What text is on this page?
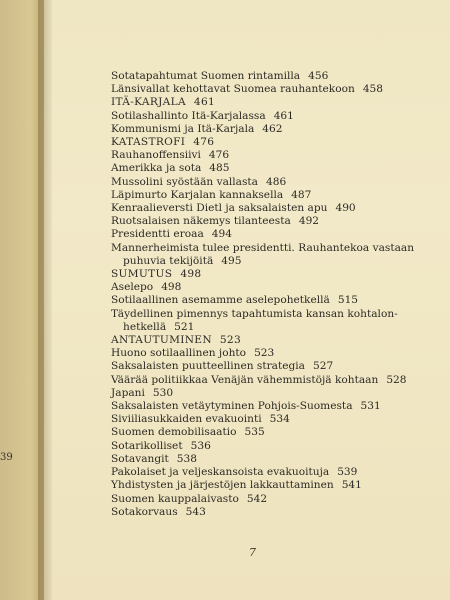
39
Sotatapahtumat Suomen rintamilla 456
Länsivallat kehottavat Suomea rauhantekoon 458
ITÄ-KARJALA 461
Sotilashallinto Itä-Karjalassa 461
Kommunismi ja Itä-Karjala 462
KATASTROFI 476
Rauhanoffensiivi 476
Amerikka ja sota 485
Mussolini syöstään vallasta 486
Läpimurto Karjalan kannaksella 487
Kenraalieversti Dietl ja saksalaisten apu 490
Ruotsalaisen näkemys tilanteesta 492
Presidentti eroaa 494
Mannerheimista tulee presidentti. Rauhantekoa vastaan
puhuvia tekijöitä 495
SUMUTUS 498
Aselepo 498
Sotilaallinen asemamme aselepohetkellä 515
Täydellinen pimennys tapahtumista kansan kohtalon-
hetkellä 521
ANTAUTUMINEN 523
Huono sotilaallinen johto 523
Saksalaisten puutteellinen strategia 527
Väärää politiikkaa Venäjän vähemmistöjä kohtaan 528
Japani 530
Saksalaisten vetäytyminen Pohjois-Suomesta 531
Siviiliasukkaiden evakuointi 534
Suomen demobilisaatio 535
Sotarikolliset 536
Sotavangit 538
Pakolaiset ja veljeskansoista evakuoituja 539
Yhdistysten ja järjestöjen lakkauttaminen 541
Suomen kauppalaivasto 542
Sotakorvaus 543
7
